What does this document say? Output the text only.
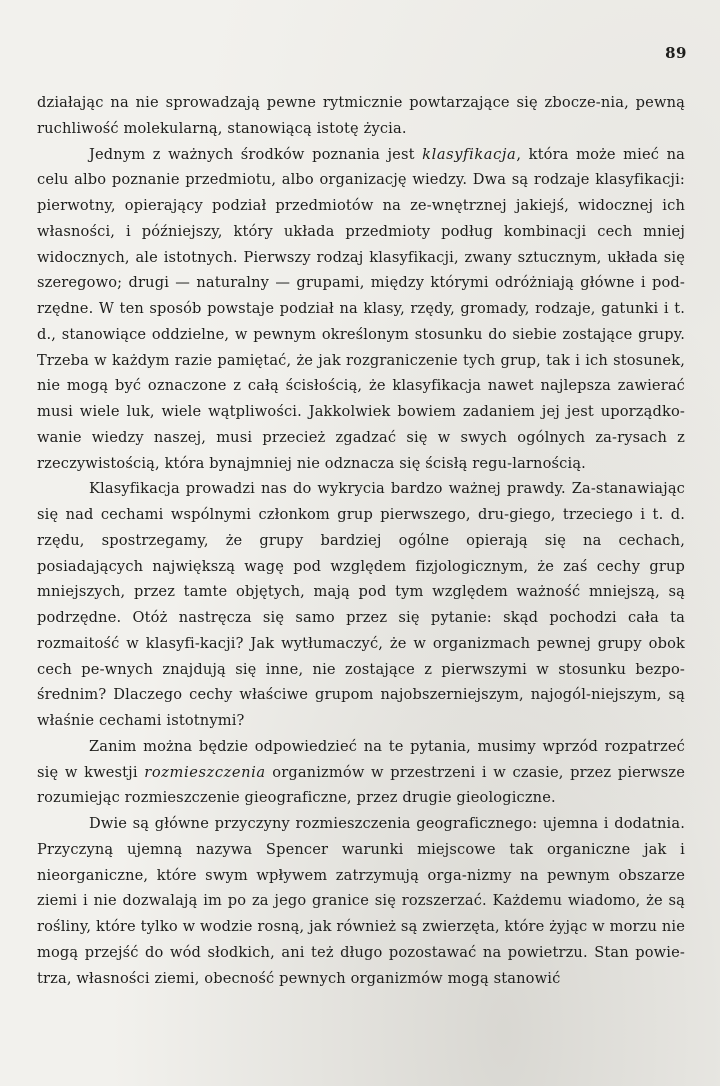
89

działając na nie sprowadzają pewne rytmicznie powtarzające się zbocze-nia, pewną ruchliwość molekularną, stanowiącą istotę życia.

Jednym z ważnych środków poznania jest klasyfikacja, która może mieć na celu albo poznanie przedmiotu, albo organizację wiedzy. Dwa są rodzaje klasyfikacji: pierwotny, opierający podział przedmiotów na ze-wnętrznej jakiejś, widocznej ich własności, i późniejszy, który układa przedmioty podług kombinacji cech mniej widocznych, ale istotnych. Pierwszy rodzaj klasyfikacji, zwany sztucznym, układa się szeregowo; drugi — naturalny — grupami, między którymi odróżniają główne i pod-rzędne. W ten sposób powstaje podział na klasy, rzędy, gromady, rodzaje, gatunki i t. d., stanowiące oddzielne, w pewnym określonym stosunku do siebie zostające grupy. Trzeba w każdym razie pamiętać, że jak rozgraniczenie tych grup, tak i ich stosunek, nie mogą być oznaczone z całą ścisłością, że klasyfikacja nawet najlepsza zawierać musi wiele luk, wiele wątpliwości. Jakkolwiek bowiem zadaniem jej jest uporządko-wanie wiedzy naszej, musi przecież zgadzać się w swych ogólnych za-rysach z rzeczywistością, która bynajmniej nie odznacza się ścisłą regu-larnością.

Klasyfikacja prowadzi nas do wykrycia bardzo ważnej prawdy. Za-stanawiając się nad cechami wspólnymi członkom grup pierwszego, dru-giego, trzeciego i t. d. rzędu, spostrzegamy, że grupy bardziej ogólne opierają się na cechach, posiadających największą wagę pod względem fizjologicznym, że zaś cechy grup mniejszych, przez tamte objętych, mają pod tym względem ważność mniejszą, są podrzędne. Otóż nastręcza się samo przez się pytanie: skąd pochodzi cała ta rozmaitość w klasyfi-kacji? Jak wytłumaczyć, że w organizmach pewnej grupy obok cech pe-wnych znajdują się inne, nie zostające z pierwszymi w stosunku bezpo-średnim? Dlaczego cechy właściwe grupom najobszerniejszym, najogól-niejszym, są właśnie cechami istotnymi?

Zanim można będzie odpowiedzieć na te pytania, musimy wprzód rozpatrzeć się w kwestji rozmieszczenia organizmów w przestrzeni i w czasie, przez pierwsze rozumiejąc rozmieszczenie gieograficzne, przez drugie gieologiczne.

Dwie są główne przyczyny rozmieszczenia geograficznego: ujemna i dodatnia. Przyczyną ujemną nazywa Spencer warunki miejscowe tak organiczne jak i nieorganiczne, które swym wpływem zatrzymują orga-nizmy na pewnym obszarze ziemi i nie dozwalają im po za jego granice się rozszerzać. Każdemu wiadomo, że są rośliny, które tylko w wodzie rosną, jak również są zwierzęta, które żyjąc w morzu nie mogą przejść do wód słodkich, ani też długo pozostawać na powietrzu. Stan powie-trza, własności ziemi, obecność pewnych organizmów mogą stanowić
